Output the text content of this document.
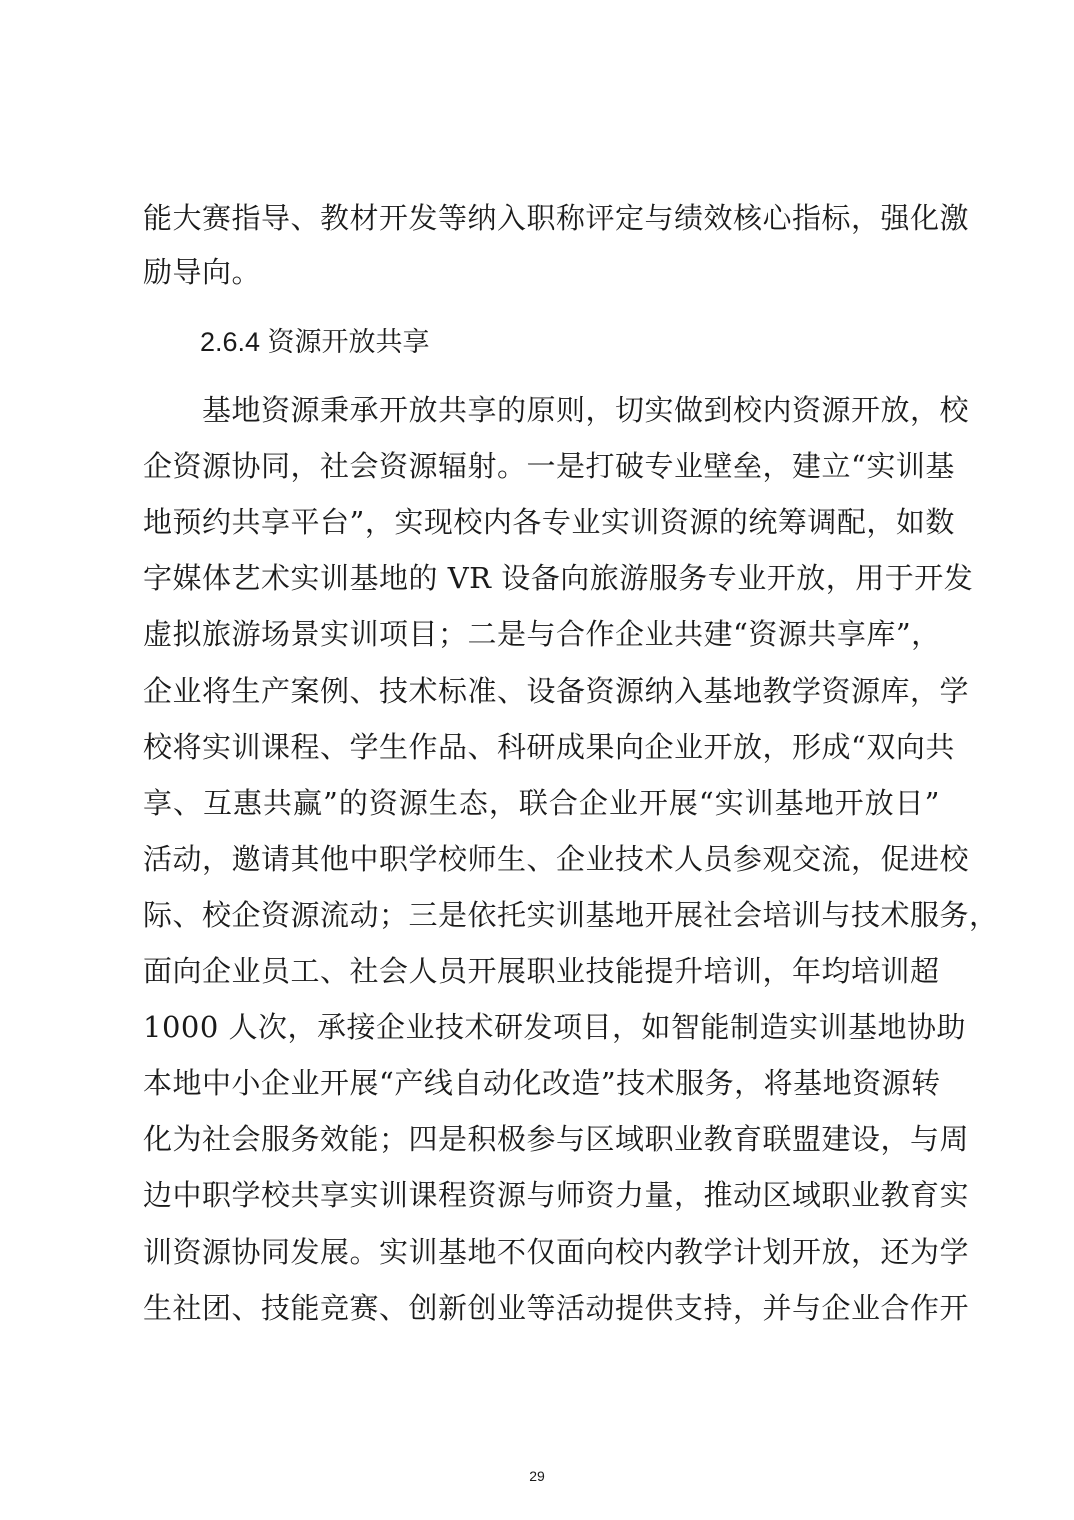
能大赛指导、教材开发等纳入职称评定与绩效核心指标，强化激
励导向。
2.6.4 资源开放共享
　　基地资源秉承开放共享的原则，切实做到校内资源开放，校
企资源协同，社会资源辐射。一是打破专业壁垒，建立“实训基
地预约共享平台”，实现校内各专业实训资源的统筹调配，如数
字媒体艺术实训基地的 VR 设备向旅游服务专业开放，用于开发
虚拟旅游场景实训项目；二是与合作企业共建“资源共享库”，
企业将生产案例、技术标准、设备资源纳入基地教学资源库，学
校将实训课程、学生作品、科研成果向企业开放，形成“双向共
享、互惠共赢”的资源生态，联合企业开展“实训基地开放日”
活动，邀请其他中职学校师生、企业技术人员参观交流，促进校
际、校企资源流动；三是依托实训基地开展社会培训与技术服务，
面向企业员工、社会人员开展职业技能提升培训，年均培训超
1000 人次，承接企业技术研发项目，如智能制造实训基地协助
本地中小企业开展“产线自动化改造”技术服务，将基地资源转
化为社会服务效能；四是积极参与区域职业教育联盟建设，与周
边中职学校共享实训课程资源与师资力量，推动区域职业教育实
训资源协同发展。实训基地不仅面向校内教学计划开放，还为学
生社团、技能竞赛、创新创业等活动提供支持，并与企业合作开
29
